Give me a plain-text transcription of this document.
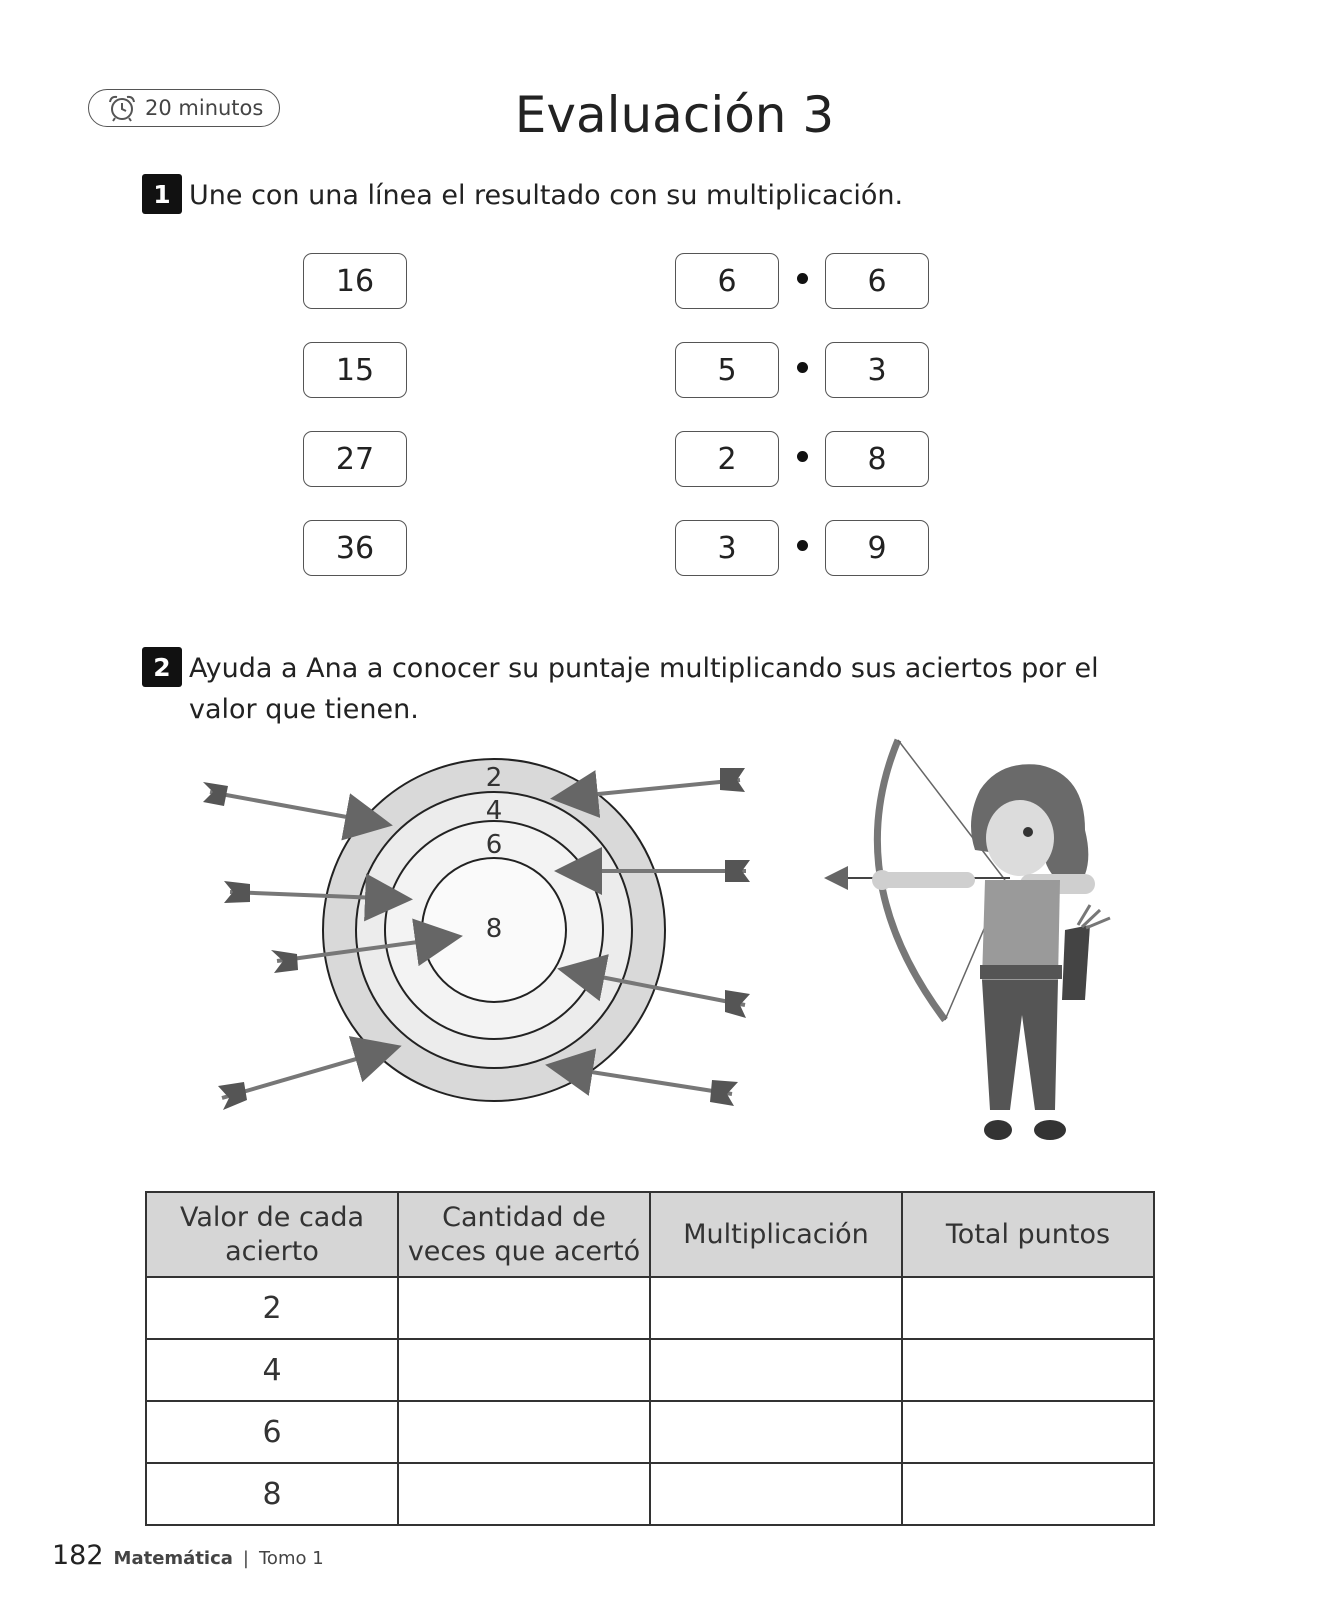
20 minutos	Evaluación 3
1 Une con una línea el resultado con su multiplicación.
16
15
27
36
6	6
5	3
2	8
3	9
2 Ayuda a Ana a conocer su puntaje multiplicando sus aciertos por el
valor que tienen.
2
4
6
8
Valor de cada acierto	Cantidad de veces que acertó	Multiplicación	Total puntos
2			
4			
6			
8			
182 Matemática | Tomo 1
